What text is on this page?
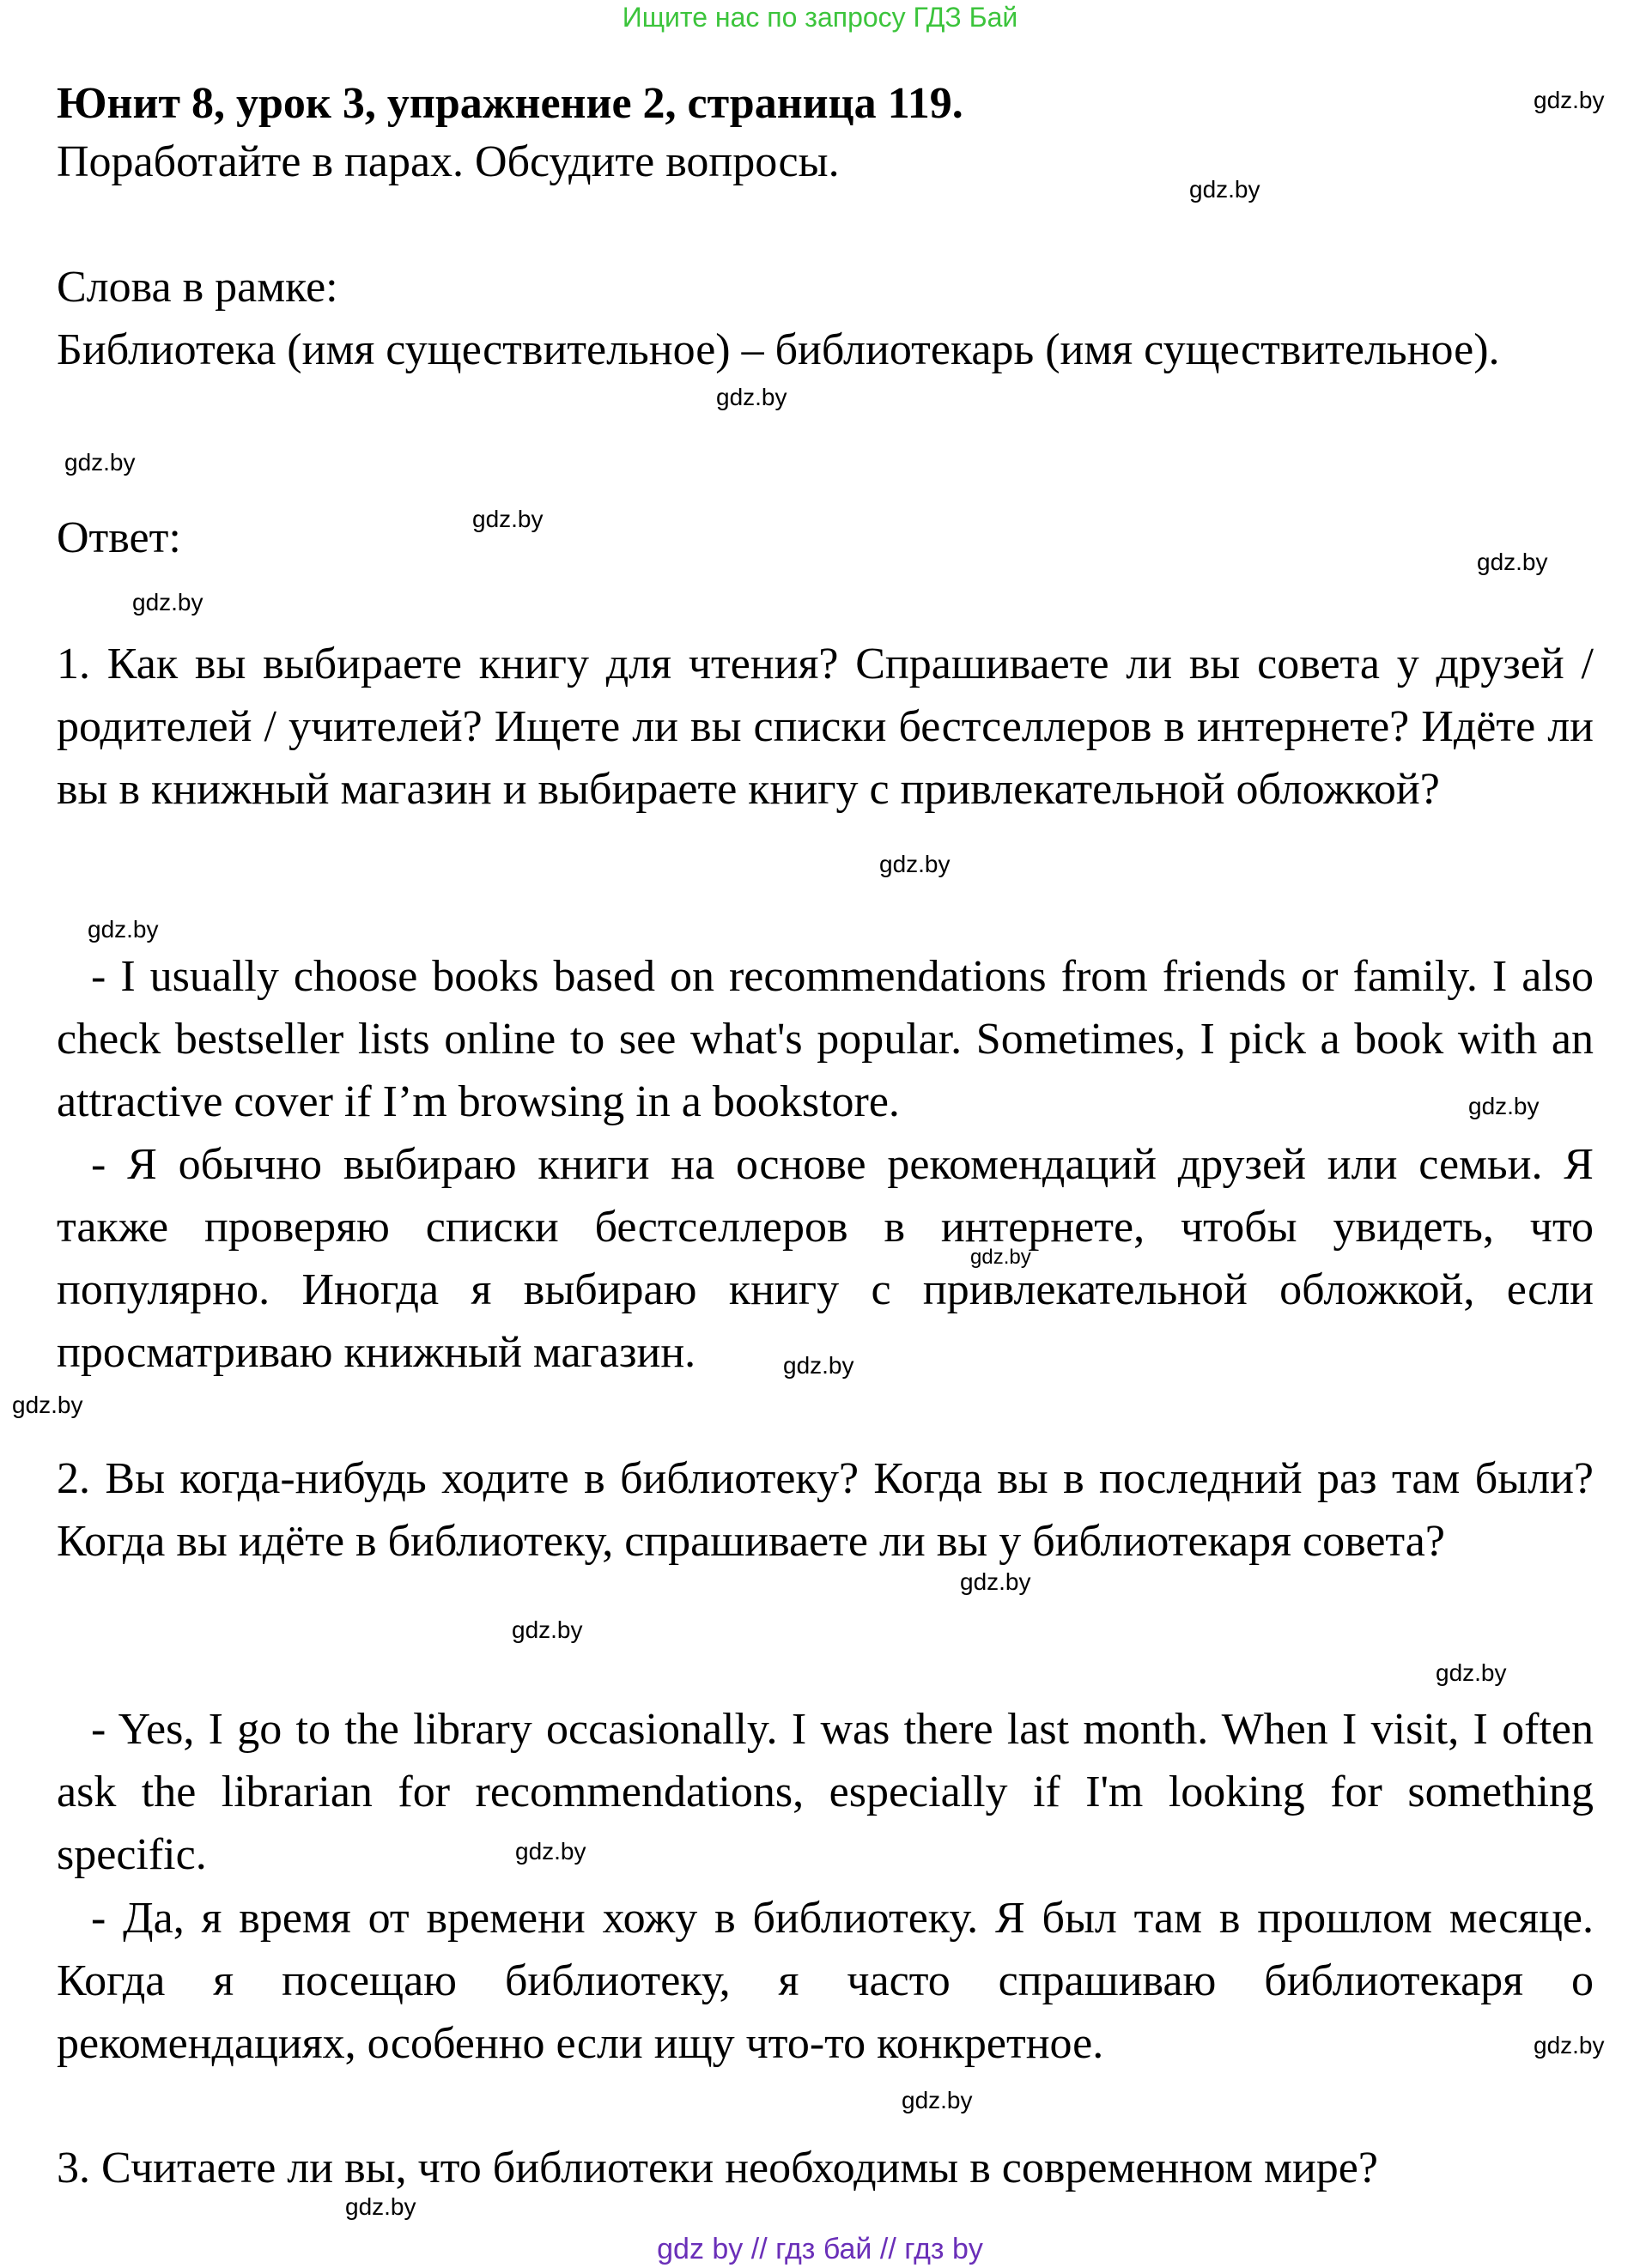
Ищите нас по запросу ГДЗ Бай

Юнит 8, урок 3, упражнение 2, страница 119.

Поработайте в парах. Обсудите вопросы.

Слова в рамке:

Библиотека (имя существительное) – библиотекарь (имя существительное).

Ответ:

1. Как вы выбираете книгу для чтения? Спрашиваете ли вы совета у друзей / родителей / учителей? Ищете ли вы списки бестселлеров в интернете? Идёте ли вы в книжный магазин и выбираете книгу с привлекательной обложкой?

- I usually choose books based on recommendations from friends or family. I also check bestseller lists online to see what's popular. Sometimes, I pick a book with an attractive cover if I’m browsing in a bookstore.

- Я обычно выбираю книги на основе рекомендаций друзей или семьи. Я также проверяю списки бестселлеров в интернете, чтобы увидеть, что популярно. Иногда я выбираю книгу с привлекательной обложкой, если просматриваю книжный магазин.

2. Вы когда-нибудь ходите в библиотеку? Когда вы в последний раз там были? Когда вы идёте в библиотеку, спрашиваете ли вы у библиотекаря совета?

- Yes, I go to the library occasionally. I was there last month. When I visit, I often ask the librarian for recommendations, especially if I'm looking for something specific.

- Да, я время от времени хожу в библиотеку. Я был там в прошлом месяце. Когда я посещаю библиотеку, я часто спрашиваю библиотекаря о рекомендациях, особенно если ищу что-то конкретное.

3. Считаете ли вы, что библиотеки необходимы в современном мире?

gdz.by
gdz.by
gdz.by
gdz.by
gdz.by
gdz.by
gdz.by
gdz.by
gdz.by
gdz.by
gdz.by
gdz.by
gdz.by
gdz.by
gdz.by
gdz.by
gdz.by
gdz.by
gdz.by
gdz.by
gdz by // гдз бай // гдз by
